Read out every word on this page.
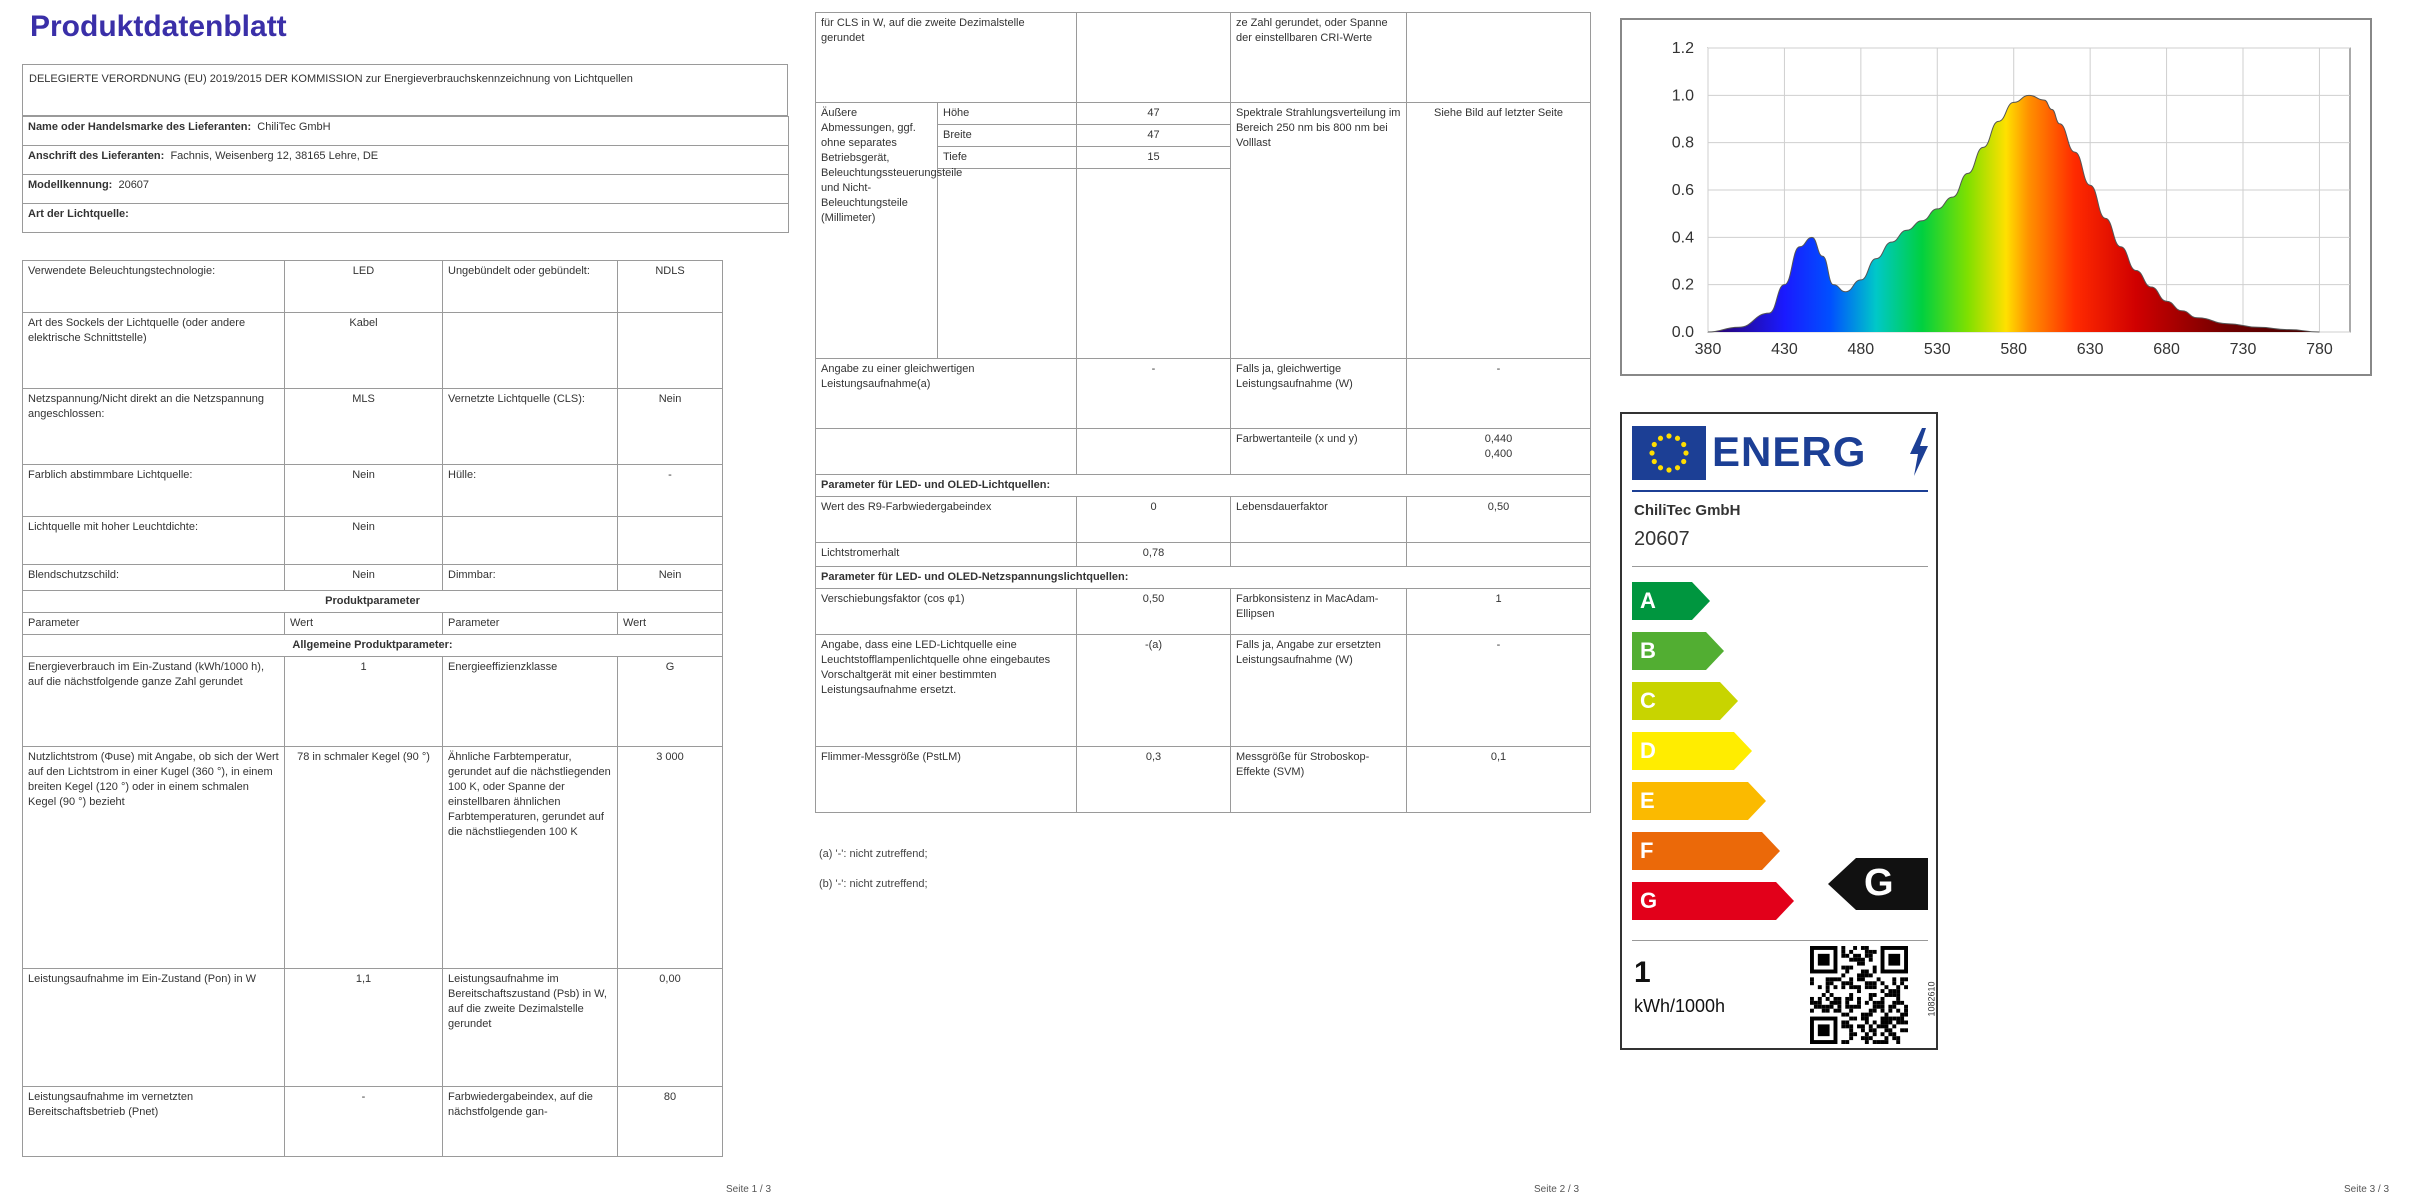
Produktdatenblatt
DELEGIERTE VERORDNUNG (EU) 2019/2015 DER KOMMISSION zur Energieverbrauchskennzeichnung von Lichtquellen
Name oder Handelsmarke des Lieferanten: ChiliTec GmbH
Anschrift des Lieferanten: Fachnis, Weisenberg 12, 38165 Lehre, DE
Modellkennung: 20607
Art der Lichtquelle:
Verwendete Beleuchtungstechnologie:	LED	Ungebündelt oder gebündelt:	NDLS
Art des Sockels der Lichtquelle (oder andere elektrische Schnittstelle)	Kabel		
Netzspannung/Nicht direkt an die Netzspannung angeschlossen:	MLS	Vernetzte Lichtquelle (CLS):	Nein
Farblich abstimmbare Lichtquelle:	Nein	Hülle:	-
Lichtquelle mit hoher Leuchtdichte:	Nein		
Blendschutzschild:	Nein	Dimmbar:	Nein
Produktparameter			
Parameter	Wert	Parameter	Wert
Allgemeine Produktparameter:			
Energieverbrauch im Ein-Zustand (kWh/1000 h), auf die nächstfolgende ganze Zahl gerundet	1	Energieeffizienzklasse	G
Nutzlichtstrom (Φuse) mit Angabe, ob sich der Wert auf den Lichtstrom in einer Kugel (360 °), in einem breiten Kegel (120 °) oder in einem schmalen Kegel (90 °) bezieht	78 in schmaler Kegel (90 °)	Ähnliche Farbtemperatur, gerundet auf die nächstliegenden 100 K, oder Spanne der einstellbaren ähnlichen Farbtemperaturen, gerundet auf die nächstliegenden 100 K	3 000
Leistungsaufnahme im Ein-Zustand (Pon) in W	1,1	Leistungsaufnahme im Bereitschaftszustand (Psb) in W, auf die zweite Dezimalstelle gerundet	0,00
Leistungsaufnahme im vernetzten Bereitschaftsbetrieb (Pnet)	-	Farbwiedergabeindex, auf die nächstfolgende gan-	80
Seite 1 / 3
für CLS in W, auf die zweite Dezimalstelle gerundet			ze Zahl gerundet, oder Spanne der einstellbaren CRI-Werte	
Äußere Abmessungen, ggf. ohne separates Betriebsgerät, Beleuchtungssteuerungsteile und Nicht-Beleuchtungsteile (Millimeter)	Höhe	47	Spektrale Strahlungsverteilung im Bereich 250 nm bis 800 nm bei Volllast	Siehe Bild auf letzter Seite
	Breite	47		
	Tiefe	15		

Angabe zu einer gleichwertigen Leistungsaufnahme(a)		-	Falls ja, gleichwertige Leistungsaufnahme (W)	-
			Farbwertanteile (x und y)	0,440
0,400
Parameter für LED- und OLED-Lichtquellen:				
Wert des R9-Farbwiedergabeindex		0	Lebensdauerfaktor	0,50
Lichtstromerhalt		0,78		
Parameter für LED- und OLED-Netzspannungslichtquellen:				
Verschiebungsfaktor (cos φ1)		0,50	Farbkonsistenz in MacAdam-Ellipsen	1
Angabe, dass eine LED-Lichtquelle eine Leuchtstofflampenlichtquelle ohne eingebautes Vorschaltgerät mit einer bestimmten Leistungsaufnahme ersetzt.		-(a)	Falls ja, Angabe zur ersetzten Leistungsaufnahme (W)	-
Flimmer-Messgröße (PstLM)		0,3	Messgröße für Stroboskop-Effekte (SVM)	0,1
(a) '-': nicht zutreffend;
(b) '-': nicht zutreffend;
Seite 2 / 3
380	430	480	530	580	630	680	730	780
0.0
0.2
0.4
0.6
0.8
1.0
1.2
ENERG
ChiliTec GmbH
20607
A
B
C
D
E
F
G	G
1
kWh/1000h	1082610
Seite 3 / 3
